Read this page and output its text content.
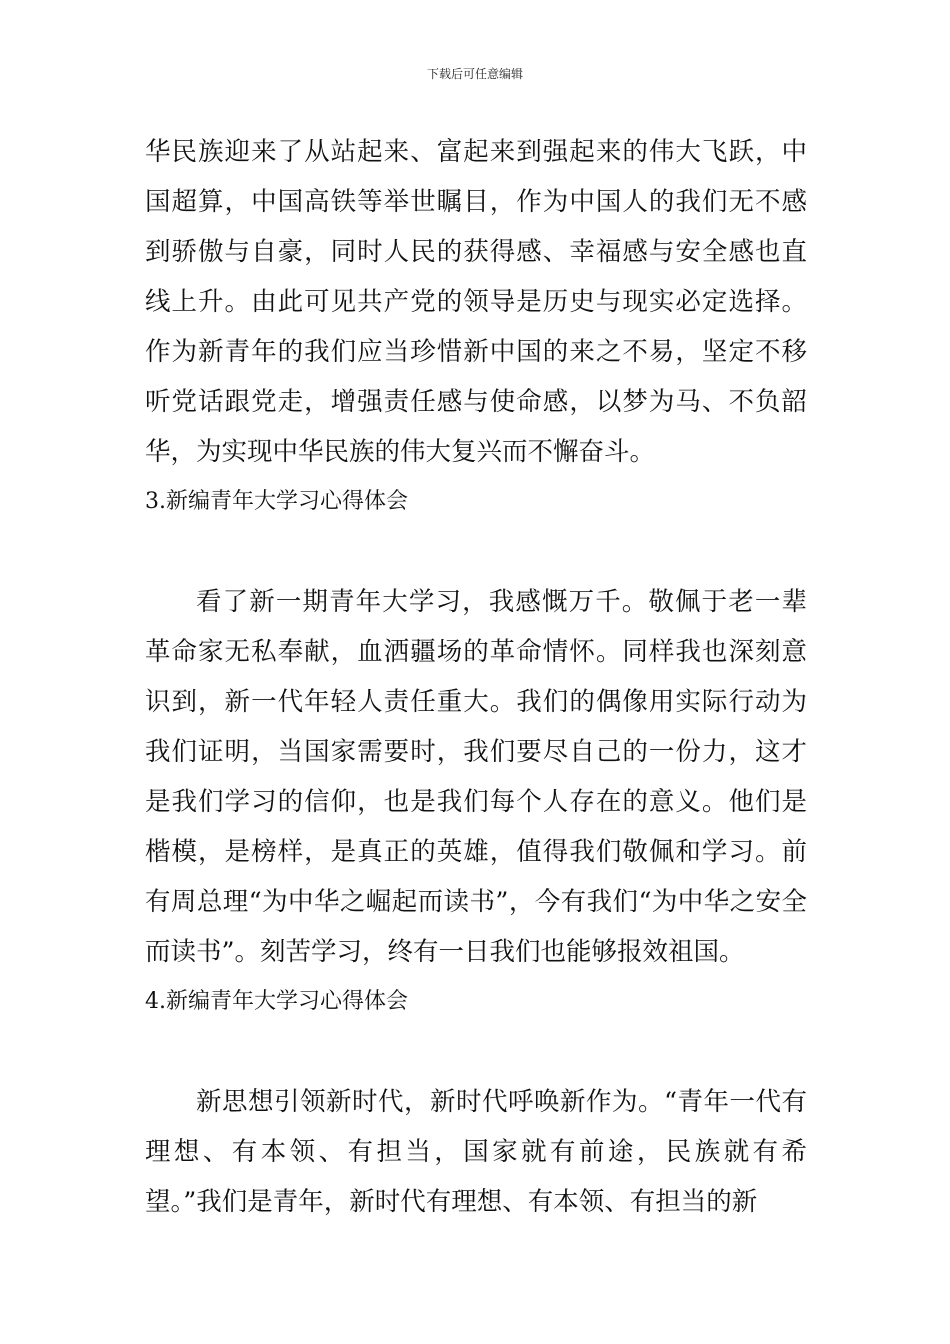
下载后可任意编辑

华民族迎来了从站起来、富起来到强起来的伟大飞跃，中国超算，中国高铁等举世瞩目，作为中国人的我们无不感到骄傲与自豪，同时人民的获得感、幸福感与安全感也直线上升。由此可见共产党的领导是历史与现实必定选择。作为新青年的我们应当珍惜新中国的来之不易，坚定不移听党话跟党走，增强责任感与使命感，以梦为马、不负韶华，为实现中华民族的伟大复兴而不懈奋斗。

3.新编青年大学习心得体会

看了新一期青年大学习，我感慨万千。敬佩于老一辈革命家无私奉献，血洒疆场的革命情怀。同样我也深刻意识到，新一代年轻人责任重大。我们的偶像用实际行动为我们证明，当国家需要时，我们要尽自己的一份力，这才是我们学习的信仰，也是我们每个人存在的意义。他们是楷模，是榜样，是真正的英雄，值得我们敬佩和学习。前有周总理“为中华之崛起而读书”，今有我们“为中华之安全而读书”。刻苦学习，终有一日我们也能够报效祖国。

4.新编青年大学习心得体会

新思想引领新时代，新时代呼唤新作为。“青年一代有理想、有本领、有担当，国家就有前途，民族就有希望。”我们是青年，新时代有理想、有本领、有担当的新
